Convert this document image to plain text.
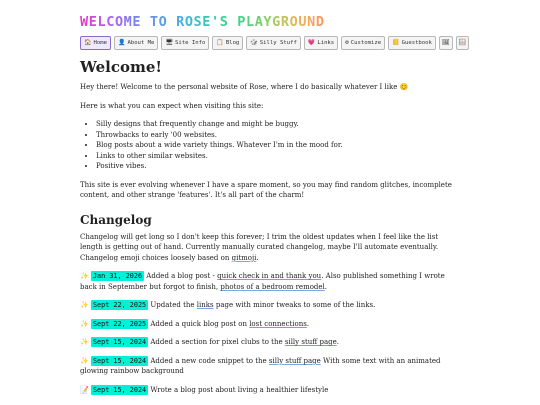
WELCOME TO ROSE'S PLAYGROUND
🏠 Home 👤 About Me 🖥 Site Info 📋 Blog 🎲 Silly Stuff 💗 Links ⚙ Customize 📒 Guestbook 🖼 🪟
Welcome!

Hey there! Welcome to the personal website of Rose, where I do basically whatever I like 😊

Here is what you can expect when visiting this site:

• Silly designs that frequently change and might be buggy.
• Throwbacks to early '00 websites.
• Blog posts about a wide variety things. Whatever I'm in the mood for.
• Links to other similar websites.
• Positive vibes.

This site is ever evolving whenever I have a spare moment, so you may find random glitches, incomplete content, and other strange 'features'. It's all part of the charm!

Changelog

Changelog will get long so I don't keep this forever; I trim the oldest updates when I feel like the list length is getting out of hand. Currently manually curated changelog, maybe I'll automate eventually. Changelog emoji choices loosely based on gitmoji.

✨ Jan 31, 2026 Added a blog post - quick check in and thank you. Also published something I wrote back in September but forgot to finish, photos of a bedroom remodel.
✨ Sept 22, 2025 Updated the links page with minor tweaks to some of the links.
✨ Sept 22, 2025 Added a quick blog post on lost connections.
✨ Sept 15, 2024 Added a section for pixel clubs to the silly stuff page.
✨ Sept 15, 2024 Added a new code snippet to the silly stuff page With some text with an animated glowing rainbow background
📝 Sept 15, 2024 Wrote a blog post about living a healthier lifestyle
